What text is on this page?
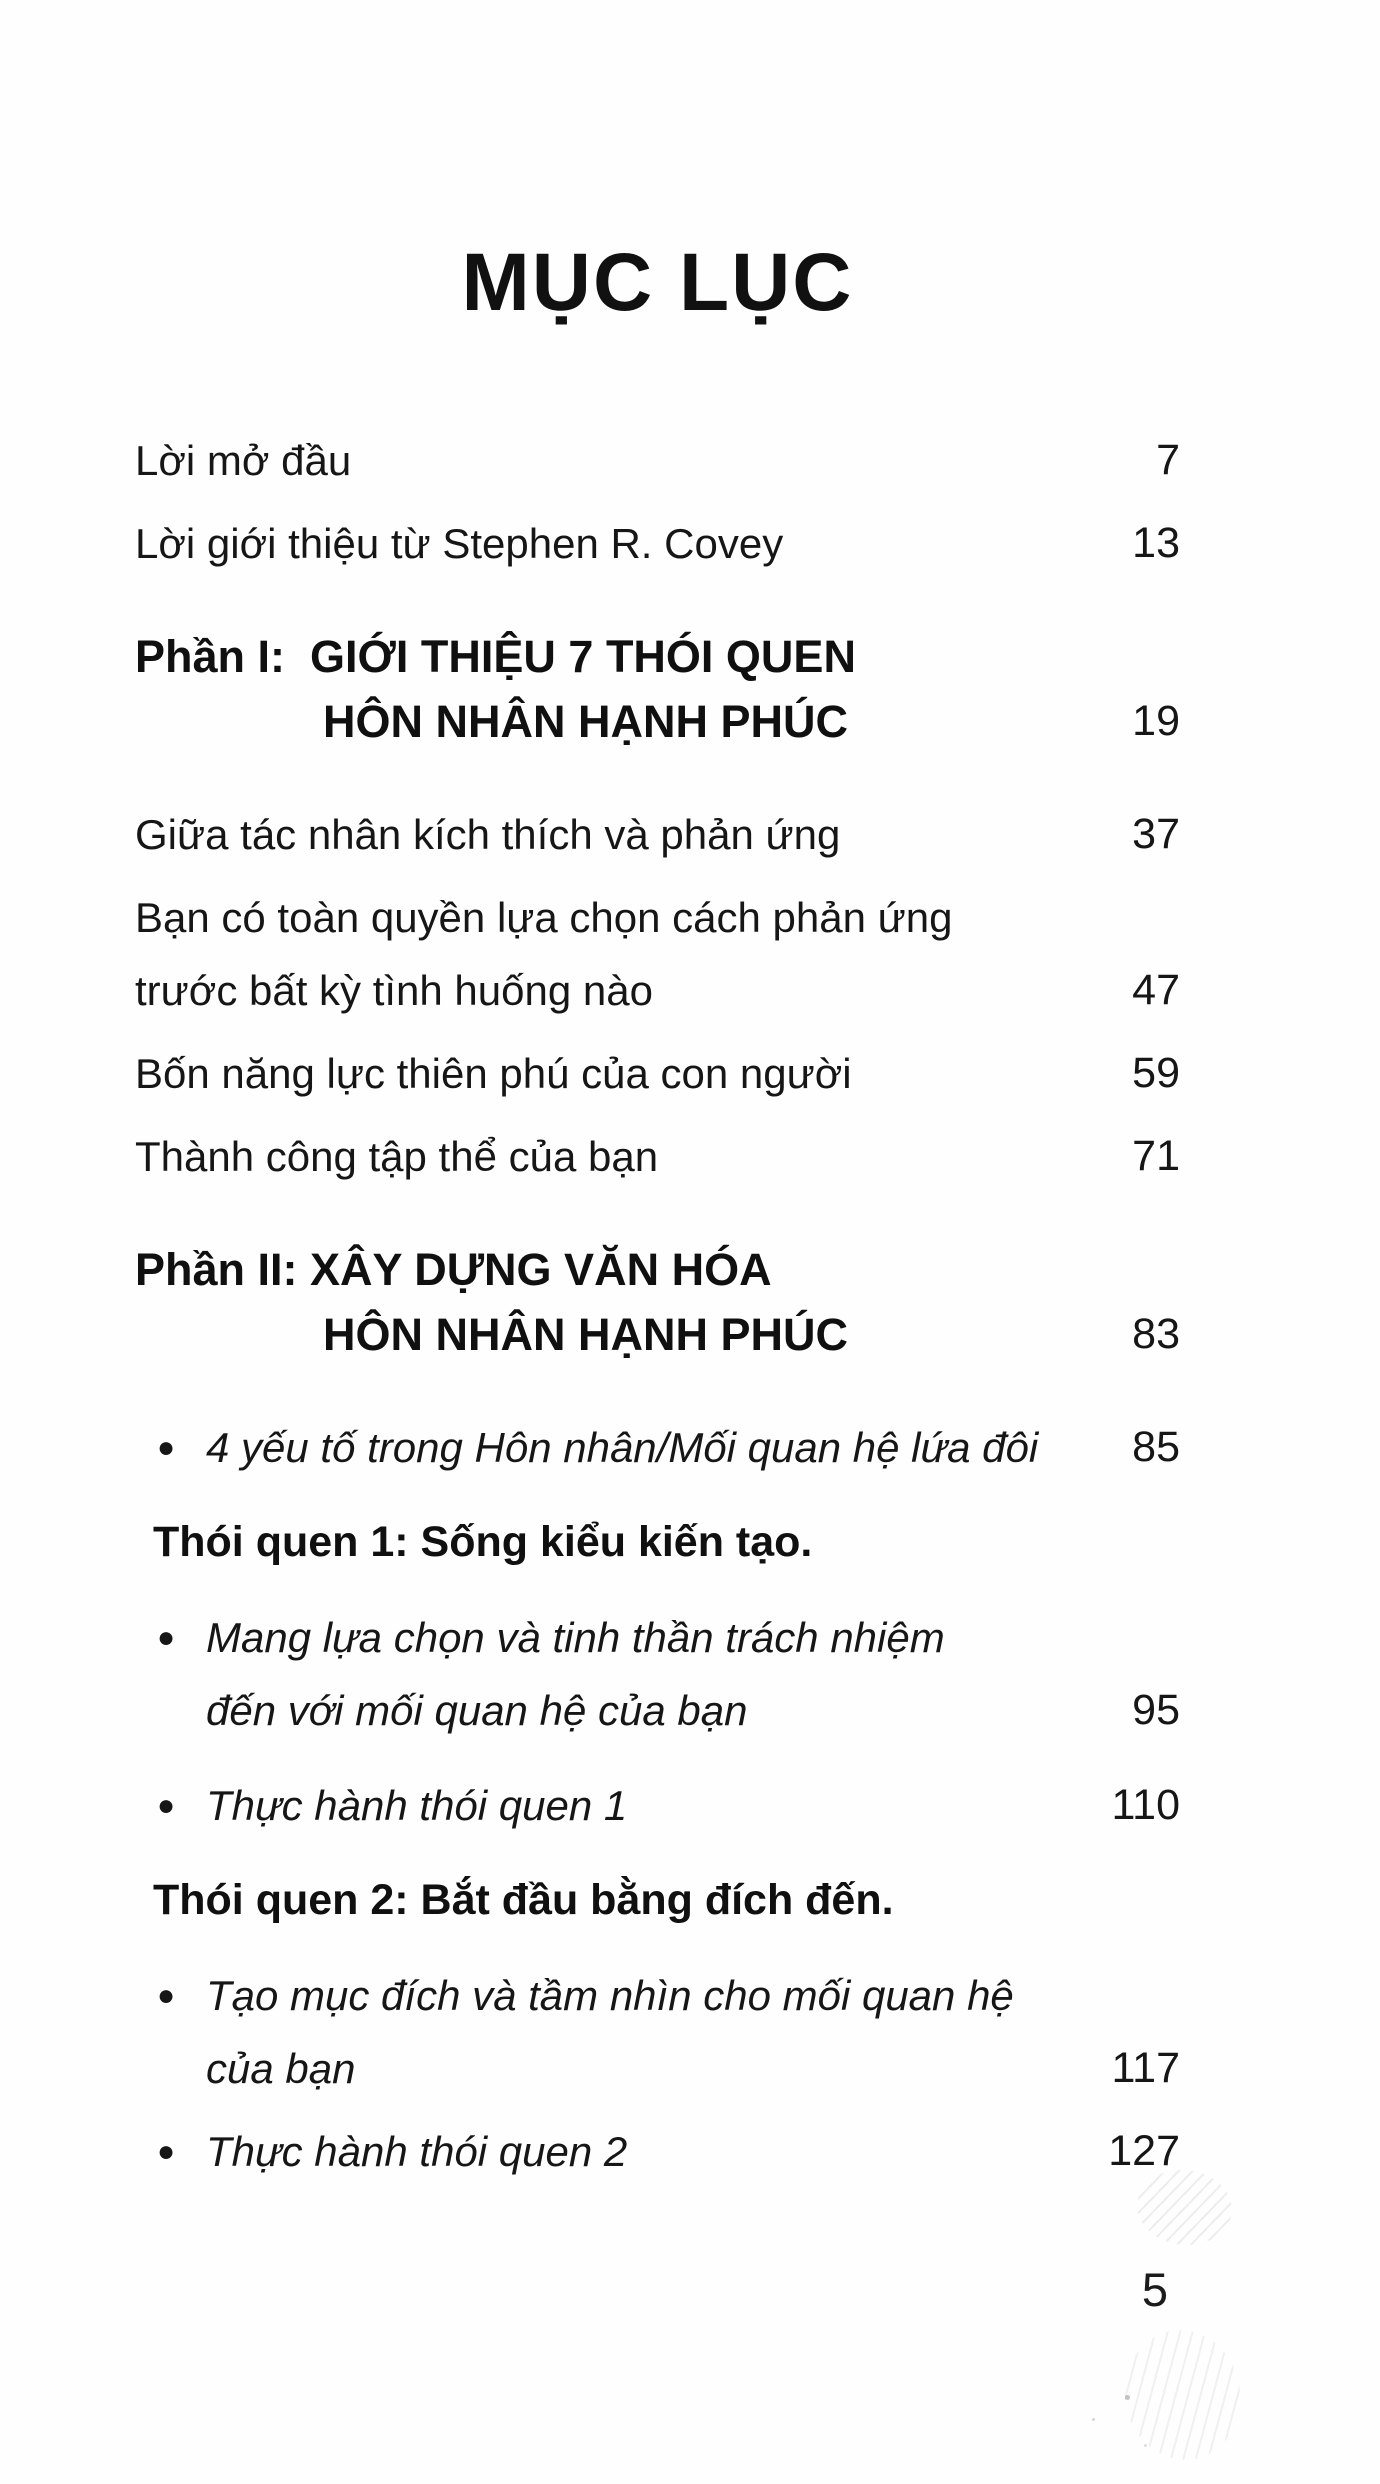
MỤC LỤC
Lời mở đầu	7
Lời giới thiệu từ Stephen R. Covey	13
Phần I:  GIỚI THIỆU 7 THÓI QUEN
HÔN NHÂN HẠNH PHÚC	19
Giữa tác nhân kích thích và phản ứng	37
Bạn có toàn quyền lựa chọn cách phản ứng
trước bất kỳ tình huống nào	47
Bốn năng lực thiên phú của con người	59
Thành công tập thể của bạn	71
Phần II: XÂY DỰNG VĂN HÓA
HÔN NHÂN HẠNH PHÚC	83
● 4 yếu tố trong Hôn nhân/Mối quan hệ lứa đôi	85
Thói quen 1: Sống kiểu kiến tạo.
● Mang lựa chọn và tinh thần trách nhiệm
đến với mối quan hệ của bạn	95
● Thực hành thói quen 1	110
Thói quen 2: Bắt đầu bằng đích đến.
● Tạo mục đích và tầm nhìn cho mối quan hệ
của bạn	117
● Thực hành thói quen 2	127
5
